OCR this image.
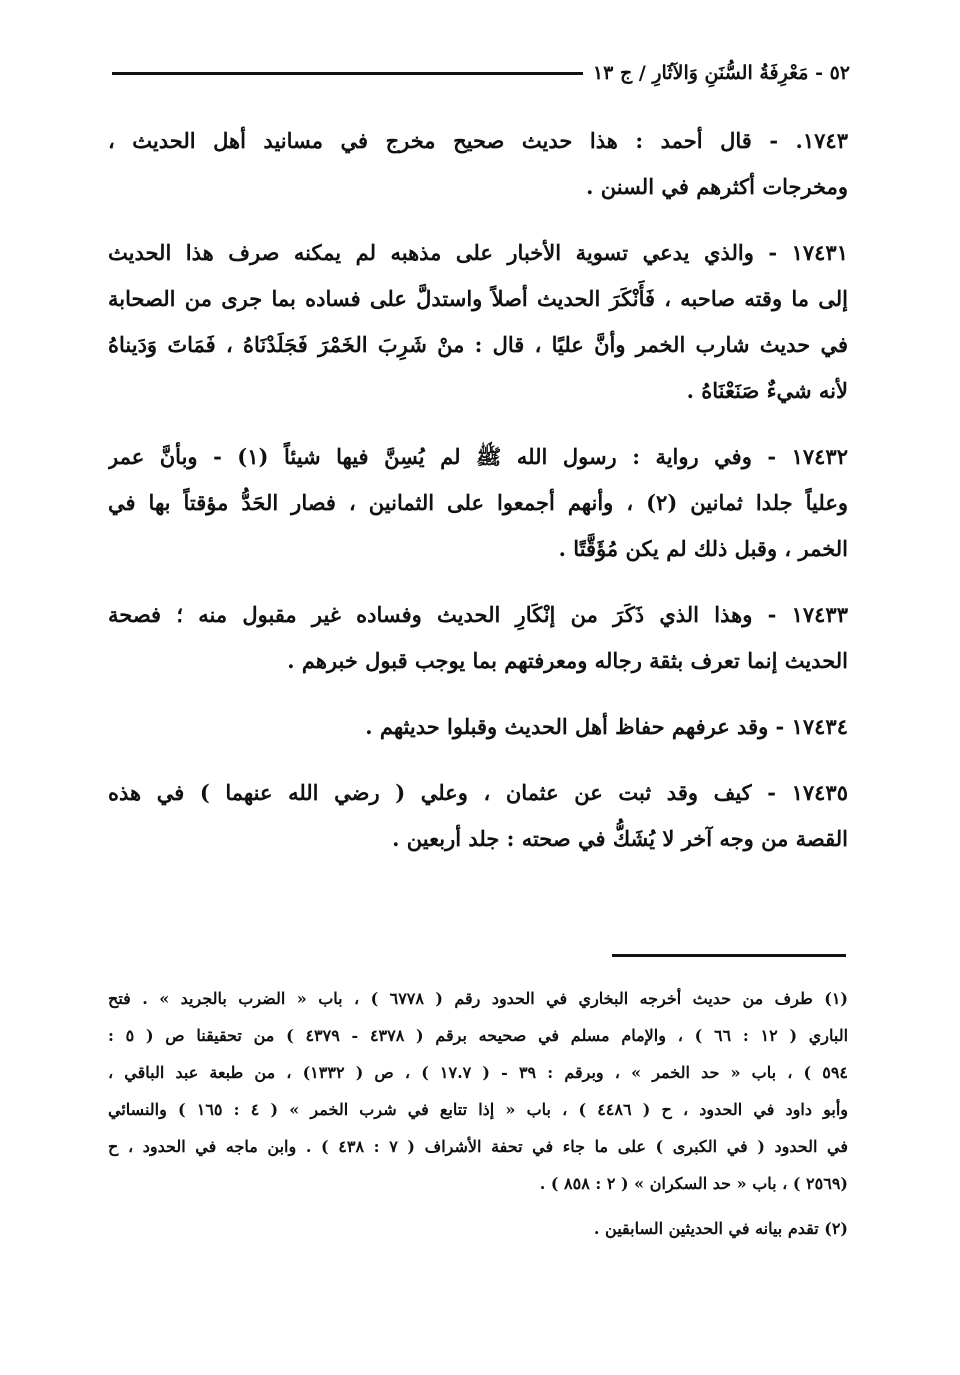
٥٢ - مَعْرِفَةُ السُّنَنِ وَالآثَارِ / ج ١٣
١٧٤٣. - قال أحمد : هذا حديث صحيح مخرج في مسانيد أهل الحديث ،
ومخرجات أكثرهم في السنن .
١٧٤٣١ - والذي يدعي تسوية الأخبار على مذهبه لم يمكنه صرف هذا الحديث
إلى ما وقته صاحبه ، فَأَنْكَرَ الحديث أصلاً واستدلَّ على فساده بما جرى من الصحابة
في حديث شارب الخمر وأنَّ عليًا ، قال : منْ شَرِبَ الخَمْرَ فَجَلَدْنَاهُ ، فَمَاتَ وَدَيناهُ
لأنه شيءٌ صَنَعْنَاهُ .
١٧٤٣٢ - وفي رواية : رسول الله ﷺ لم يُسِنَّ فيها شيئاً (١) - وبأنَّ عمر
وعلياً جلدا ثمانين (٢) ، وأنهم أجمعوا على الثمانين ، فصار الحَدُّ مؤقتاً بها في
الخمر ، وقبل ذلك لم يكن مُؤَقَّتًا .
١٧٤٣٣ - وهذا الذي ذَكَرَ من إنْكَارِ الحديث وفساده غير مقبول منه ؛ فصحة
الحديث إنما تعرف بثقة رجاله ومعرفتهم بما يوجب قبول خبرهم .
١٧٤٣٤ - وقد عرفهم حفاظ أهل الحديث وقبلوا حديثهم .
١٧٤٣٥ - كيف وقد ثبت عن عثمان ، وعلي ( رضي الله عنهما ) في هذه
القصة من وجه آخر لا يُشَكُّ في صحته : جلد أربعين .
(١) طرف من حديث أخرجه البخاري في الحدود رقم ( ٦٧٧٨ ) ، باب « الضرب بالجريد » . فتح
الباري ( ١٢ : ٦٦ ) ، والإمام مسلم في صحيحه برقم ( ٤٣٧٨ - ٤٣٧٩ ) من تحقيقنا ص ( ٥ :
٥٩٤ ) ، باب « حد الخمر » ، وبرقم : ٣٩ - ( ١٧.٧ ) ، ص ( ١٣٣٢) ، من طبعة عبد الباقي ،
وأبو داود في الحدود ، ح ( ٤٤٨٦ ) ، باب « إذا تتابع في شرب الخمر » ( ٤ : ١٦٥ ) والنسائي
في الحدود ( في الكبرى ) على ما جاء في تحفة الأشراف ( ٧ : ٤٣٨ ) . وابن ماجه في الحدود ، ح
(٢٥٦٩ ) ، باب « حد السكران » ( ٢ : ٨٥٨ ) .
(٢) تقدم بيانه في الحديثين السابقين .
